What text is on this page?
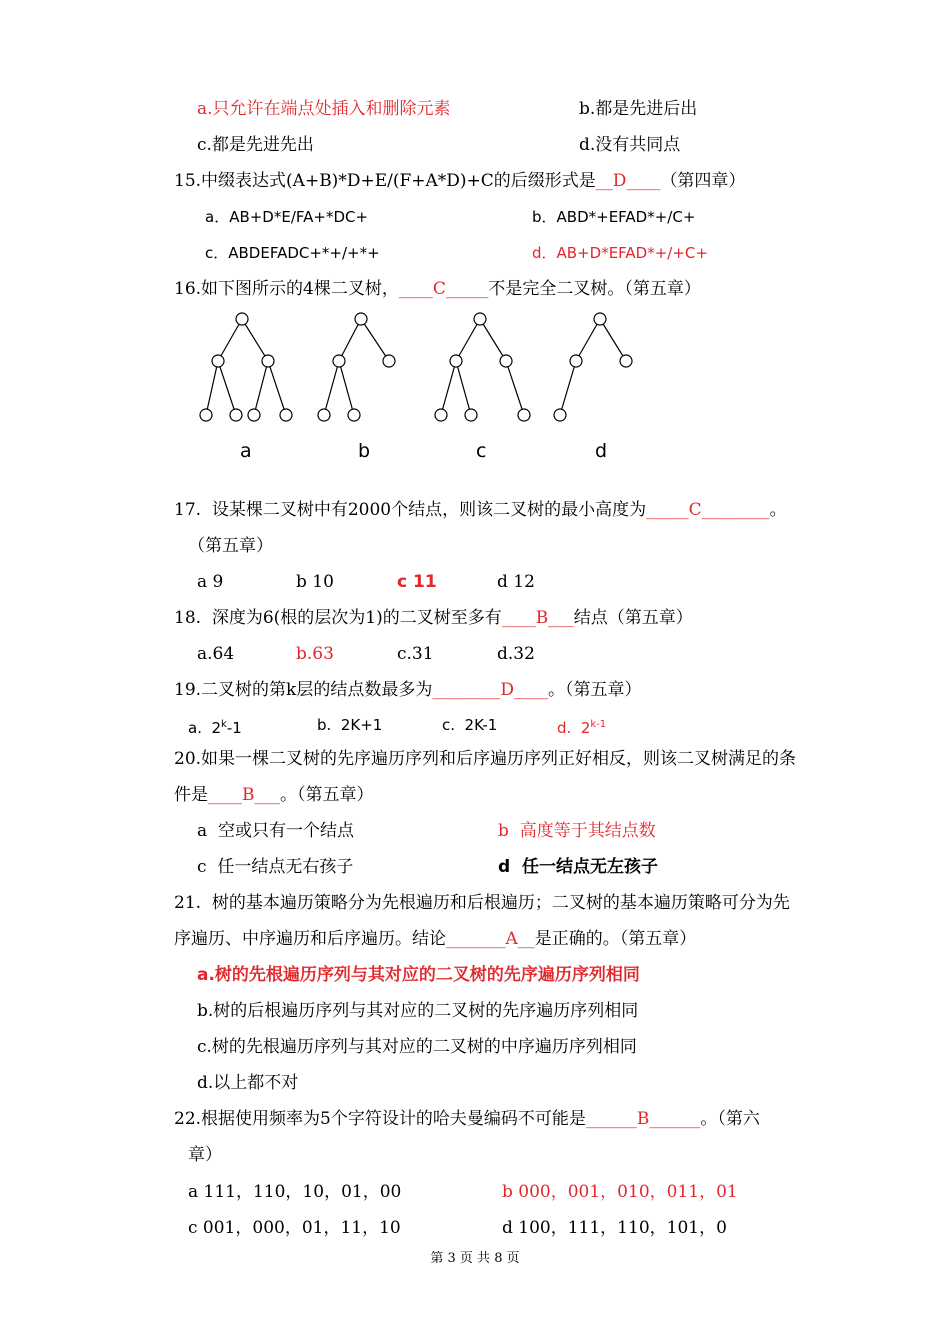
a.只允许在端点处插入和删除元素	b.都是先进后出
c.都是先进先出	d.没有共同点
15.中缀表达式(A+B)*D+E/(F+A*D)+C的后缀形式是__D____（第四章）
a．AB+D*E/FA+*DC+	b．ABD*+EFAD*+/C+
c．ABDEFADC+*+/+*+	d．AB+D*EFAD*+/+C+
16.如下图所示的4棵二叉树，____C_____不是完全二叉树。（第五章）
a	b	c	d
17.  设某棵二叉树中有2000个结点，则该二叉树的最小高度为_____C________。
（第五章）
a 9	b 10	c 11	d 12
18.  深度为6(根的层次为1)的二叉树至多有____B___结点（第五章）
a.64	b.63	c.31	d.32
19.二叉树的第k层的结点数最多为________D____。（第五章）
a.  2$^k$-1	b.  2K+1	c.  2K-1	d.  2$^{k-1}$
20.如果一棵二叉树的先序遍历序列和后序遍历序列正好相反，则该二叉树满足的条
件是____B___。（第五章）
a  空或只有一个结点	b  高度等于其结点数
c  任一结点无右孩子	d  任一结点无左孩子
21.  树的基本遍历策略分为先根遍历和后根遍历；二叉树的基本遍历策略可分为先
序遍历、中序遍历和后序遍历。结论_______A__是正确的。（第五章）
a.树的先根遍历序列与其对应的二叉树的先序遍历序列相同
b.树的后根遍历序列与其对应的二叉树的先序遍历序列相同
c.树的先根遍历序列与其对应的二叉树的中序遍历序列相同
d.以上都不对
22.根据使用频率为5个字符设计的哈夫曼编码不可能是______B______。（第六
章）
a 111，110，10，01，00	b 000，001，010，011，01
c 001，000，01，11，10	d 100，111，110，101，0
第 3 页 共 8 页
